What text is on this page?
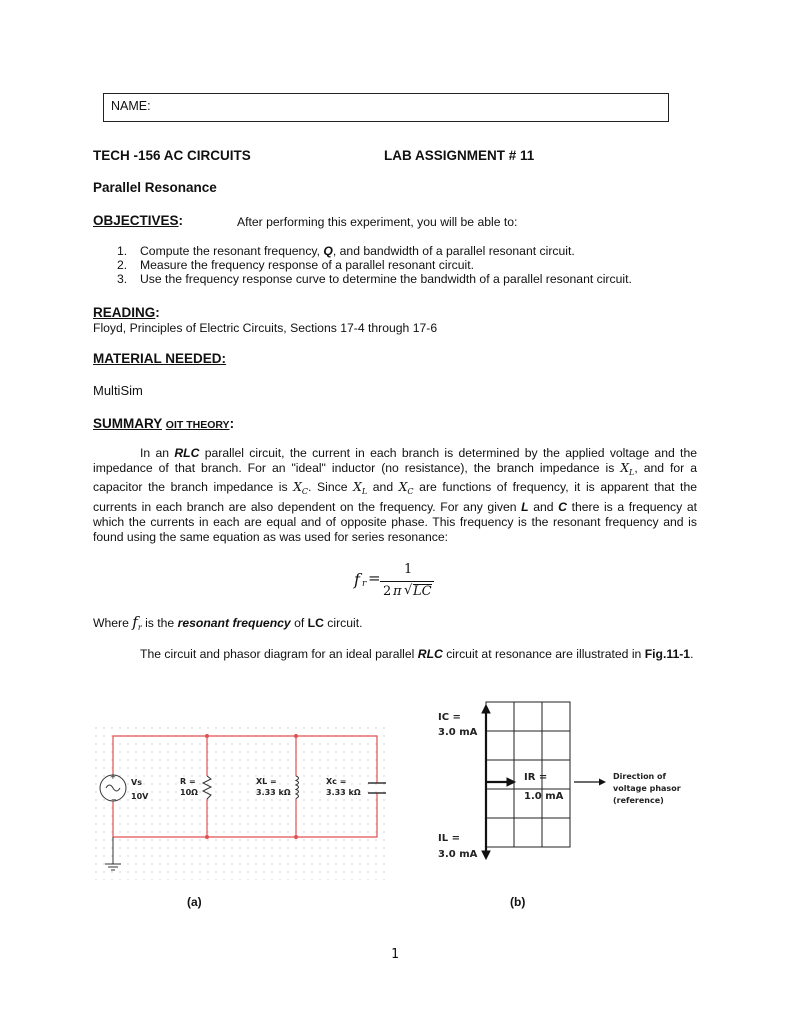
NAME:
TECH -156 AC CIRCUITS	LAB ASSIGNMENT # 11
Parallel Resonance
OBJECTIVES:	After performing this experiment, you will be able to:
1. Compute the resonant frequency, Q, and bandwidth of a parallel resonant circuit.
2. Measure the frequency response of a parallel resonant circuit.
3. Use the frequency response curve to determine the bandwidth of a parallel resonant circuit.
READING:
Floyd, Principles of Electric Circuits, Sections 17-4 through 17-6
MATERIAL NEEDED:
MultiSim
SUMMARY OIT THEORY:
In an RLC parallel circuit, the current in each branch is determined by the applied voltage and the impedance of that branch. For an "ideal" inductor (no resistance), the branch impedance is $X_L$, and for a capacitor the branch impedance is $X_C$. Since $X_L$ and $X_C$ are functions of frequency, it is apparent that the currents in each branch are also dependent on the frequency. For any given L and C there is a frequency at which the currents in each are equal and of opposite phase. This frequency is the resonant frequency and is found using the same equation as was used for series resonance:
f r = 1
2 π √ LC
Where $f_r$ is the resonant frequency of LC circuit.
The circuit and phasor diagram for an ideal parallel RLC circuit at resonance are illustrated in Fig.11-1.
+
−
Vs
10V
R =
10Ω
XL =
3.33 kΩ
Xc =
3.33 kΩ
(a)
IC =
3.0 mA
IR =
1.0 mA
IL =
3.0 mA
Direction of
voltage phasor
(reference)
(b)
1
